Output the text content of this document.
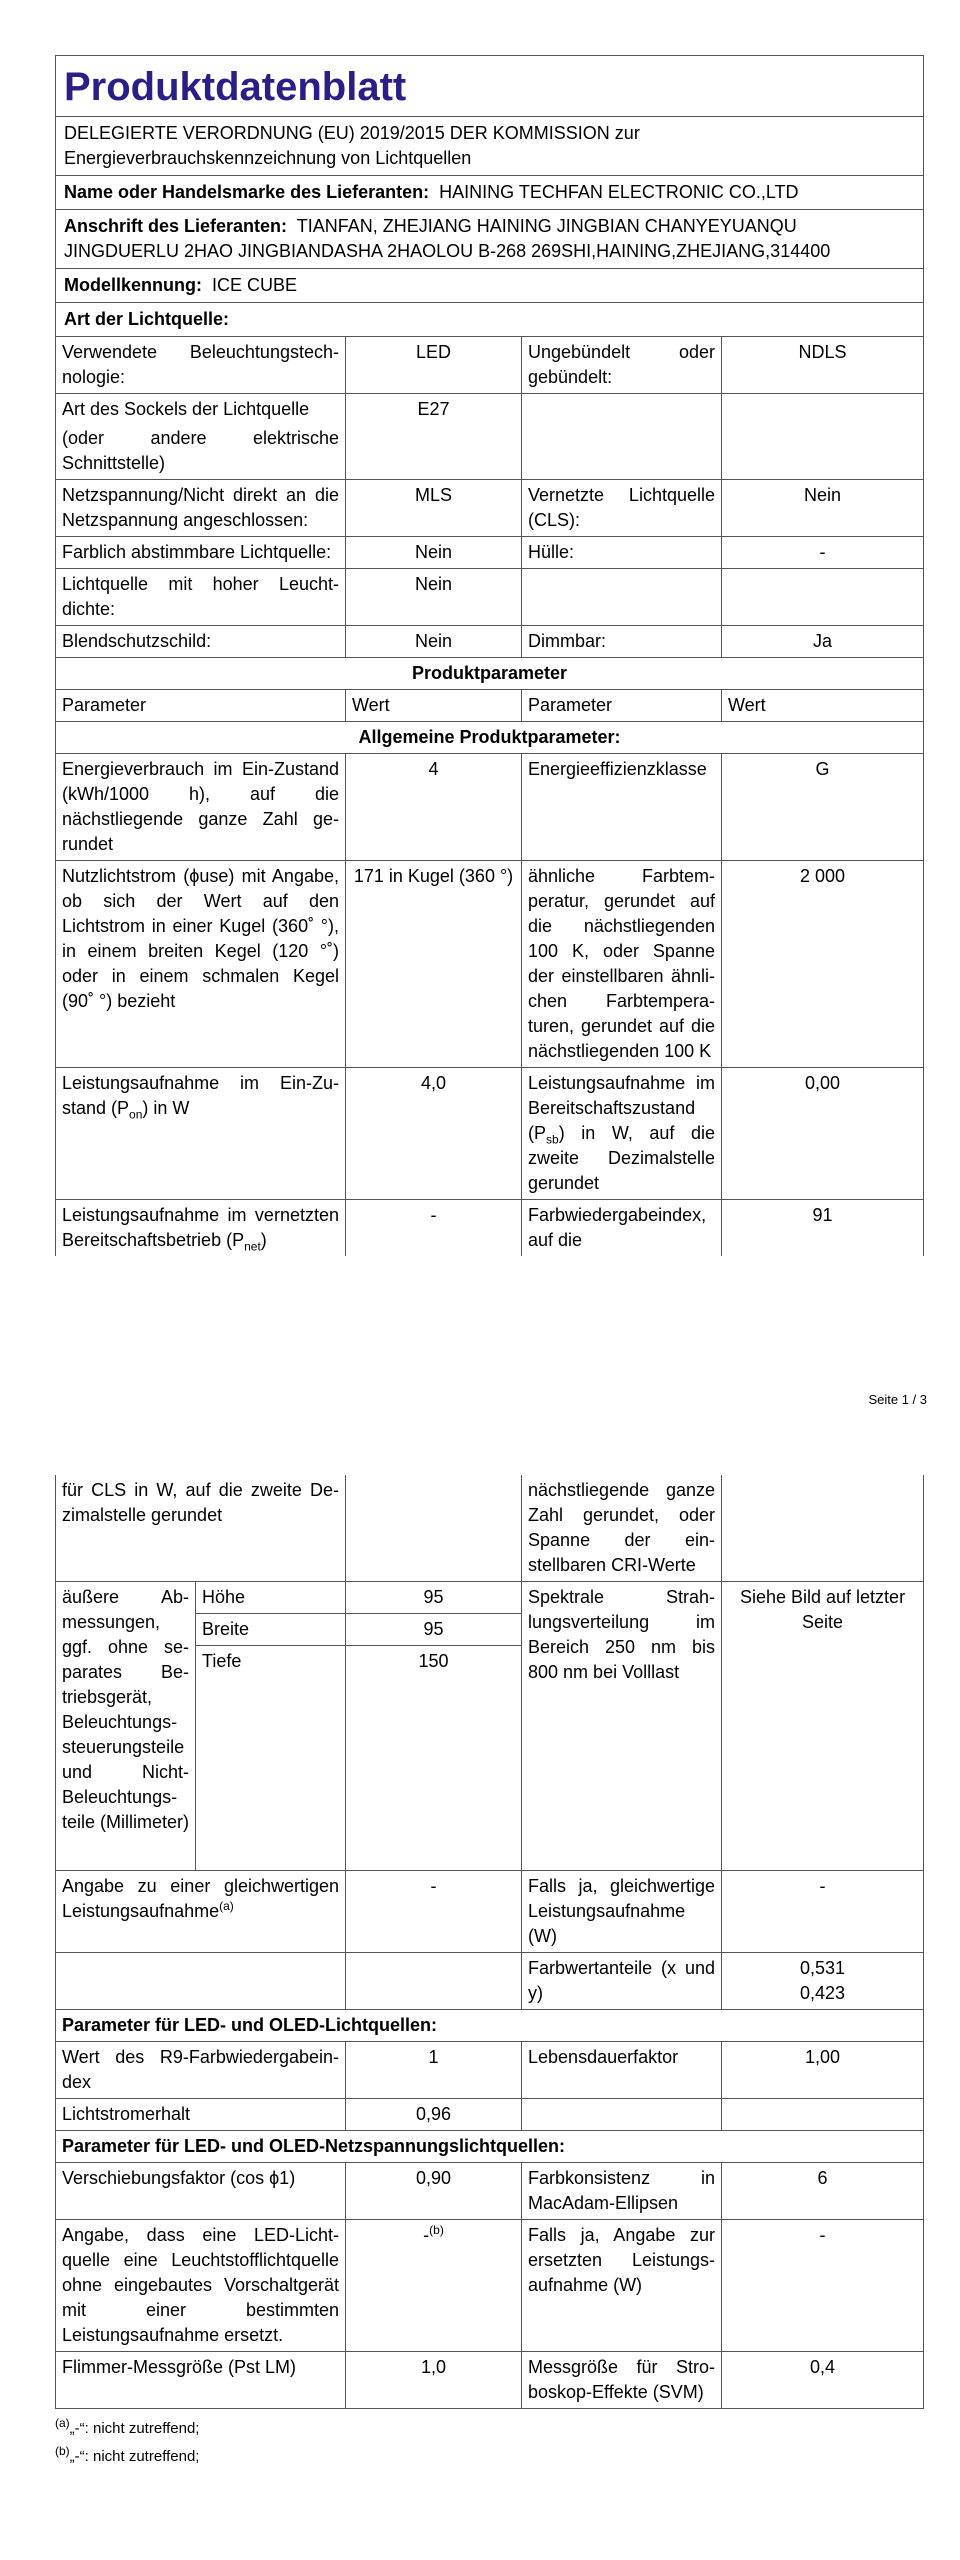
Produktdatenblatt
DELEGIERTE VERORDNUNG (EU) 2019/2015 DER KOMMISSION zur Energieverbrauchskennzeichnung von Lichtquellen
Name oder Handelsmarke des Lieferanten: HAINING TECHFAN ELECTRONIC CO.,LTD
Anschrift des Lieferanten: TIANFAN, ZHEJIANG HAINING JINGBIAN CHANYEYUANQU JINGDUERLU 2HAO JINGBIANDASHA 2HAOLOU B-268 269SHI,HAINING,ZHEJIANG,314400
Modellkennung: ICE CUBE
Art der Lichtquelle:
Verwendete Beleuchtungstechnologie:	LED	Ungebündelt oder gebündelt:	NDLS

Art des Sockels der Lichtquelle
(oder andere elektrische Schnittstelle)	E27		
Netzspannung/Nicht direkt an die Netzspannung angeschlossen:	MLS	Vernetzte Lichtquelle (CLS):	Nein
Farblich abstimmbare Lichtquelle:	Nein	Hülle:	-
Lichtquelle mit hoher Leuchtdichte:	Nein		
Blendschutzschild:	Nein	Dimmbar:	Ja
Produktparameter			
Parameter	Wert	Parameter	Wert
Allgemeine Produktparameter:			
Energieverbrauch im Ein-Zustand (kWh/1000 h), auf die nächstliegende ganze Zahl gerundet	4	Energieeffizienzklasse	G
Nutzlichtstrom (ϕuse) mit Angabe, ob sich der Wert auf den Lichtstrom in einer Kugel (360˚ °), in einem breiten Kegel (120 °˚) oder in einem schmalen Kegel (90˚ °) bezieht	171 in Kugel (360 °)	ähnliche Farbtemperatur, gerundet auf die nächstliegenden 100 K, oder Spanne der einstellbaren ähnlichen Farbtemperaturen, gerundet auf die nächstliegenden 100 K	2 000
Leistungsaufnahme im Ein-Zustand $(P_{on})$ in W	4,0	Leistungsaufnahme im Bereitschaftszustand $(P_{sb})$ in W, auf die zweite Dezimalstelle gerundet	0,00
Leistungsaufnahme im vernetzten Bereitschaftsbetrieb $(P_{net})$	-	Farbwiedergabeindex, auf die	91
Seite 1 / 3
für CLS in W, auf die zweite Dezimalstelle gerundet			nächstliegende ganze Zahl gerundet, oder Spanne der einstellbaren CRI-Werte	
äußere Abmessungen, ggf. ohne separates Betriebsgerät, Beleuchtungssteuerungsteile und Nicht-Beleuchtungsteile (Millimeter)	Höhe	95	Spektrale Strahlungsverteilung im Bereich 250 nm bis 800 nm bei Volllast	Siehe Bild auf letzter Seite
	Breite	95		
	Tiefe	150		
Angabe zu einer gleichwertigen Leistungsaufnahme$^{(a)}$		-	Falls ja, gleichwertige Leistungsaufnahme (W)	-
			Farbwertanteile (x und y)	0,531
0,423

Parameter für LED- und OLED-Lichtquellen:				
Wert des R9-Farbwiedergabeindex		1	Lebensdauerfaktor	1,00
Lichtstromerhalt		0,96		
Parameter für LED- und OLED-Netzspannungslichtquellen:				
Verschiebungsfaktor (cos ϕ1)		0,90	Farbkonsistenz in MacAdam-Ellipsen	6
Angabe, dass eine LED-Lichtquelle eine Leuchtstofflichtquelle ohne eingebautes Vorschaltgerät mit einer bestimmten Leistungsaufnahme ersetzt.		-$^{(b)}$	Falls ja, Angabe zur ersetzten Leistungsaufnahme (W)	-
Flimmer-Messgröße (Pst LM)		1,0	Messgröße für Stroboskop-Effekte (SVM)	0,4
$^{(a)}$„-“: nicht zutreffend;
$^{(b)}$„-“: nicht zutreffend;
